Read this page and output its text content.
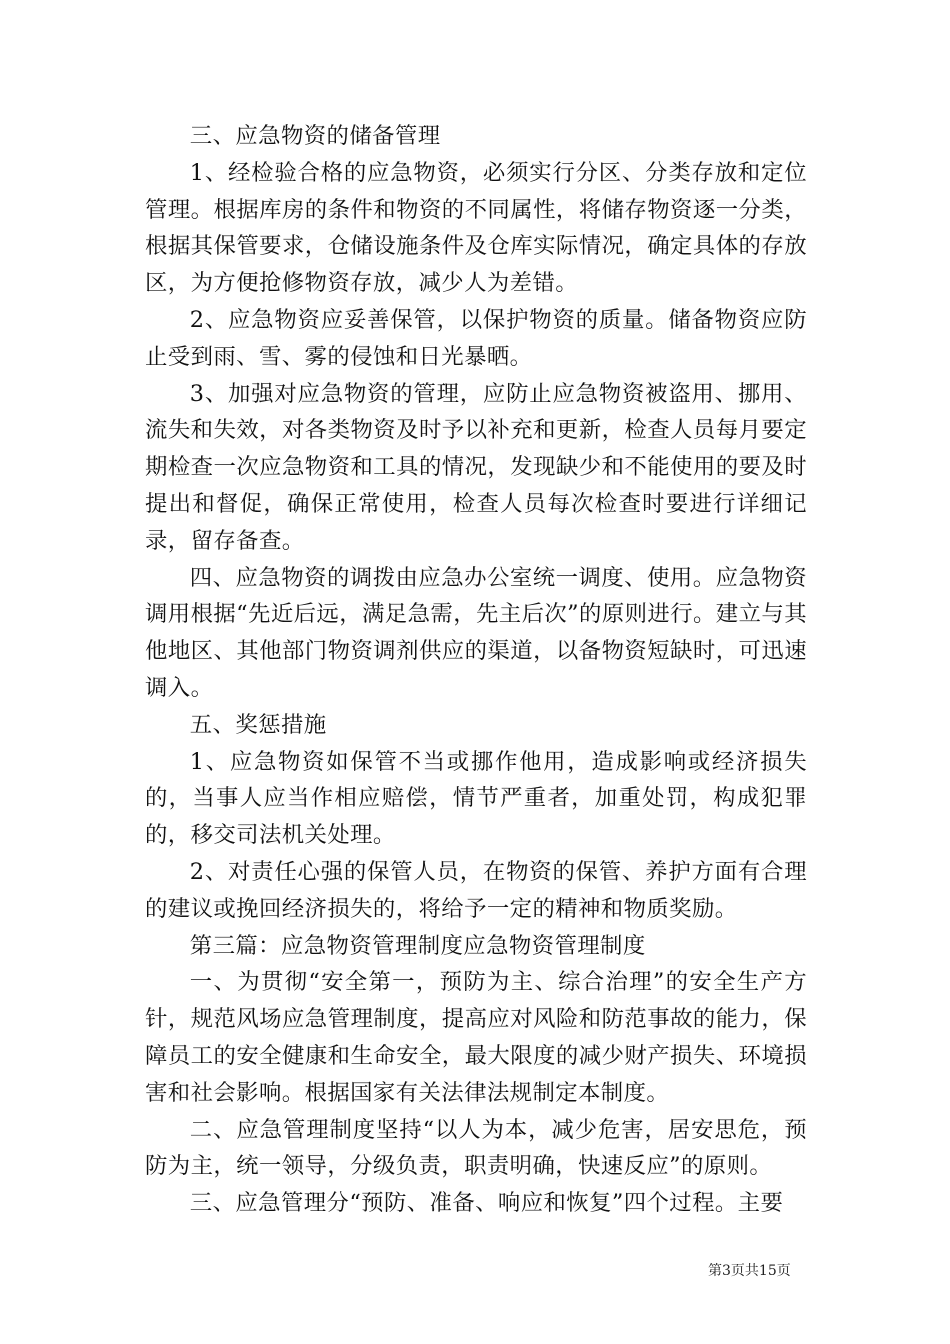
三、应急物资的储备管理

1、经检验合格的应急物资，必须实行分区、分类存放和定位管理。根据库房的条件和物资的不同属性，将储存物资逐一分类，根据其保管要求，仓储设施条件及仓库实际情况，确定具体的存放区，为方便抢修物资存放，减少人为差错。

2、应急物资应妥善保管，以保护物资的质量。储备物资应防止受到雨、雪、雾的侵蚀和日光暴晒。

3、加强对应急物资的管理，应防止应急物资被盗用、挪用、流失和失效，对各类物资及时予以补充和更新，检查人员每月要定期检查一次应急物资和工具的情况，发现缺少和不能使用的要及时提出和督促，确保正常使用，检查人员每次检查时要进行详细记录，留存备查。

四、应急物资的调拨由应急办公室统一调度、使用。应急物资调用根据“先近后远，满足急需，先主后次”的原则进行。建立与其他地区、其他部门物资调剂供应的渠道，以备物资短缺时，可迅速调入。

五、奖惩措施

1、应急物资如保管不当或挪作他用，造成影响或经济损失的，当事人应当作相应赔偿，情节严重者，加重处罚，构成犯罪的，移交司法机关处理。

2、对责任心强的保管人员，在物资的保管、养护方面有合理的建议或挽回经济损失的，将给予一定的精神和物质奖励。

第三篇：应急物资管理制度应急物资管理制度

一、为贯彻“安全第一，预防为主、综合治理”的安全生产方针，规范风场应急管理制度，提高应对风险和防范事故的能力，保障员工的安全健康和生命安全，最大限度的减少财产损失、环境损害和社会影响。根据国家有关法律法规制定本制度。

二、应急管理制度坚持“以人为本，减少危害，居安思危，预防为主，统一领导，分级负责，职责明确，快速反应”的原则。

三、应急管理分“预防、准备、响应和恢复”四个过程。主要

第3页共15页
